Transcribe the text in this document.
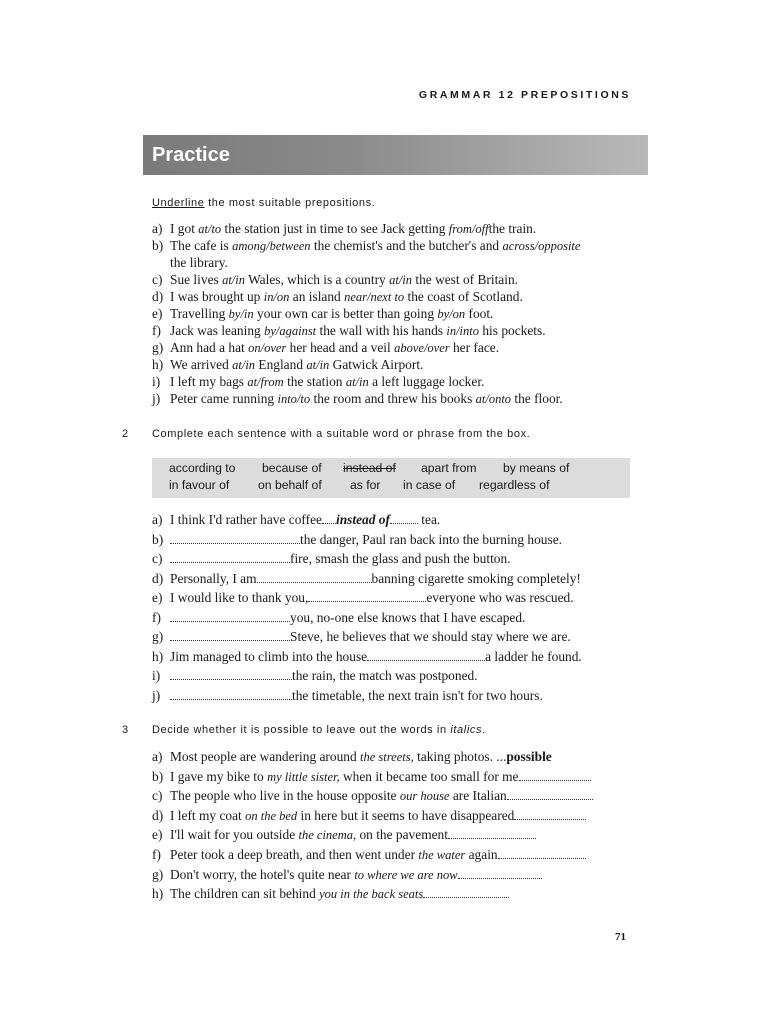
GRAMMAR 12 PREPOSITIONS
Practice
Underline the most suitable prepositions.
a) I got at/to the station just in time to see Jack getting from/offthe train.
b) The cafe is among/between the chemist's and the butcher's and across/opposite
the library.
c) Sue lives at/in Wales, which is a country at/in the west of Britain.
d) I was brought up in/on an island near/next to the coast of Scotland.
e) Travelling by/in your own car is better than going by/on foot.
f) Jack was leaning by/against the wall with his hands in/into his pockets.
g) Ann had a hat on/over her head and a veil above/over her face.
h) We arrived at/in England at/in Gatwick Airport.
i) I left my bags at/from the station at/in a left luggage locker.
j) Peter came running into/to the room and threw his books at/onto the floor.
2 Complete each sentence with a suitable word or phrase from the box.
according to because of instead of apart from by means of
in favour of on behalf of as for in case of regardless of
a) I think I'd rather have coffee instead of tea.
b)	the danger, Paul ran back into the burning house.
c)	fire, smash the glass and push the button.
d) Personally, I am	banning cigarette smoking completely!
e) I would like to thank you,	everyone who was rescued.
f)	you, no-one else knows that I have escaped.
g)	Steve, he believes that we should stay where we are.
h) Jim managed to climb into the house	a ladder he found.
i)	the rain, the match was postponed.
j)	the timetable, the next train isn't for two hours.
3 Decide whether it is possible to leave out the words in italics.
a) Most people are wandering around the streets, taking photos. ...possible
b) I gave my bike to my little sister, when it became too small for me
c) The people who live in the house opposite our house are Italian
d) I left my coat on the bed in here but it seems to have disappeared
e) I'll wait for you outside the cinema, on the pavement
f) Peter took a deep breath, and then went under the water again
g) Don't worry, the hotel's quite near to where we are now
h) The children can sit behind you in the back seats
71
